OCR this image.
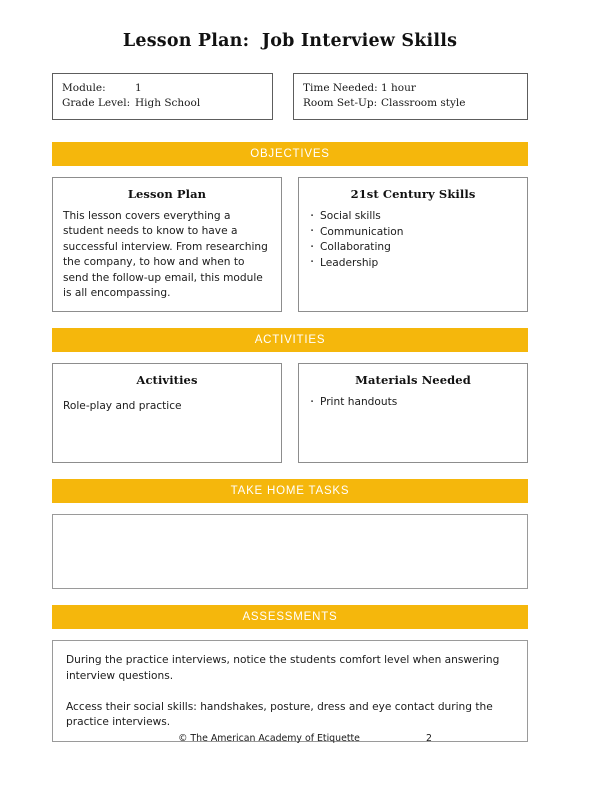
Lesson Plan:  Job Interview Skills
Module:	1
Grade Level: High School
Time Needed: 1 hour
Room Set-Up: Classroom style
OBJECTIVES
Lesson Plan

This lesson covers everything a student needs to know to have a successful interview. From researching the company, to how and when to send the follow-up email, this module is all encompassing.

21st Century Skills
· Social skills
· Communication
· Collaborating
· Leadership
ACTIVITIES
Activities

Role-play and practice

Materials Needed
· Print handouts
TAKE HOME TASKS

ASSESSMENTS

During the practice interviews, notice the students comfort level when answering interview questions.

Access their social skills: handshakes, posture, dress and eye contact during the practice interviews.

© The American Academy of Etiquette	2
